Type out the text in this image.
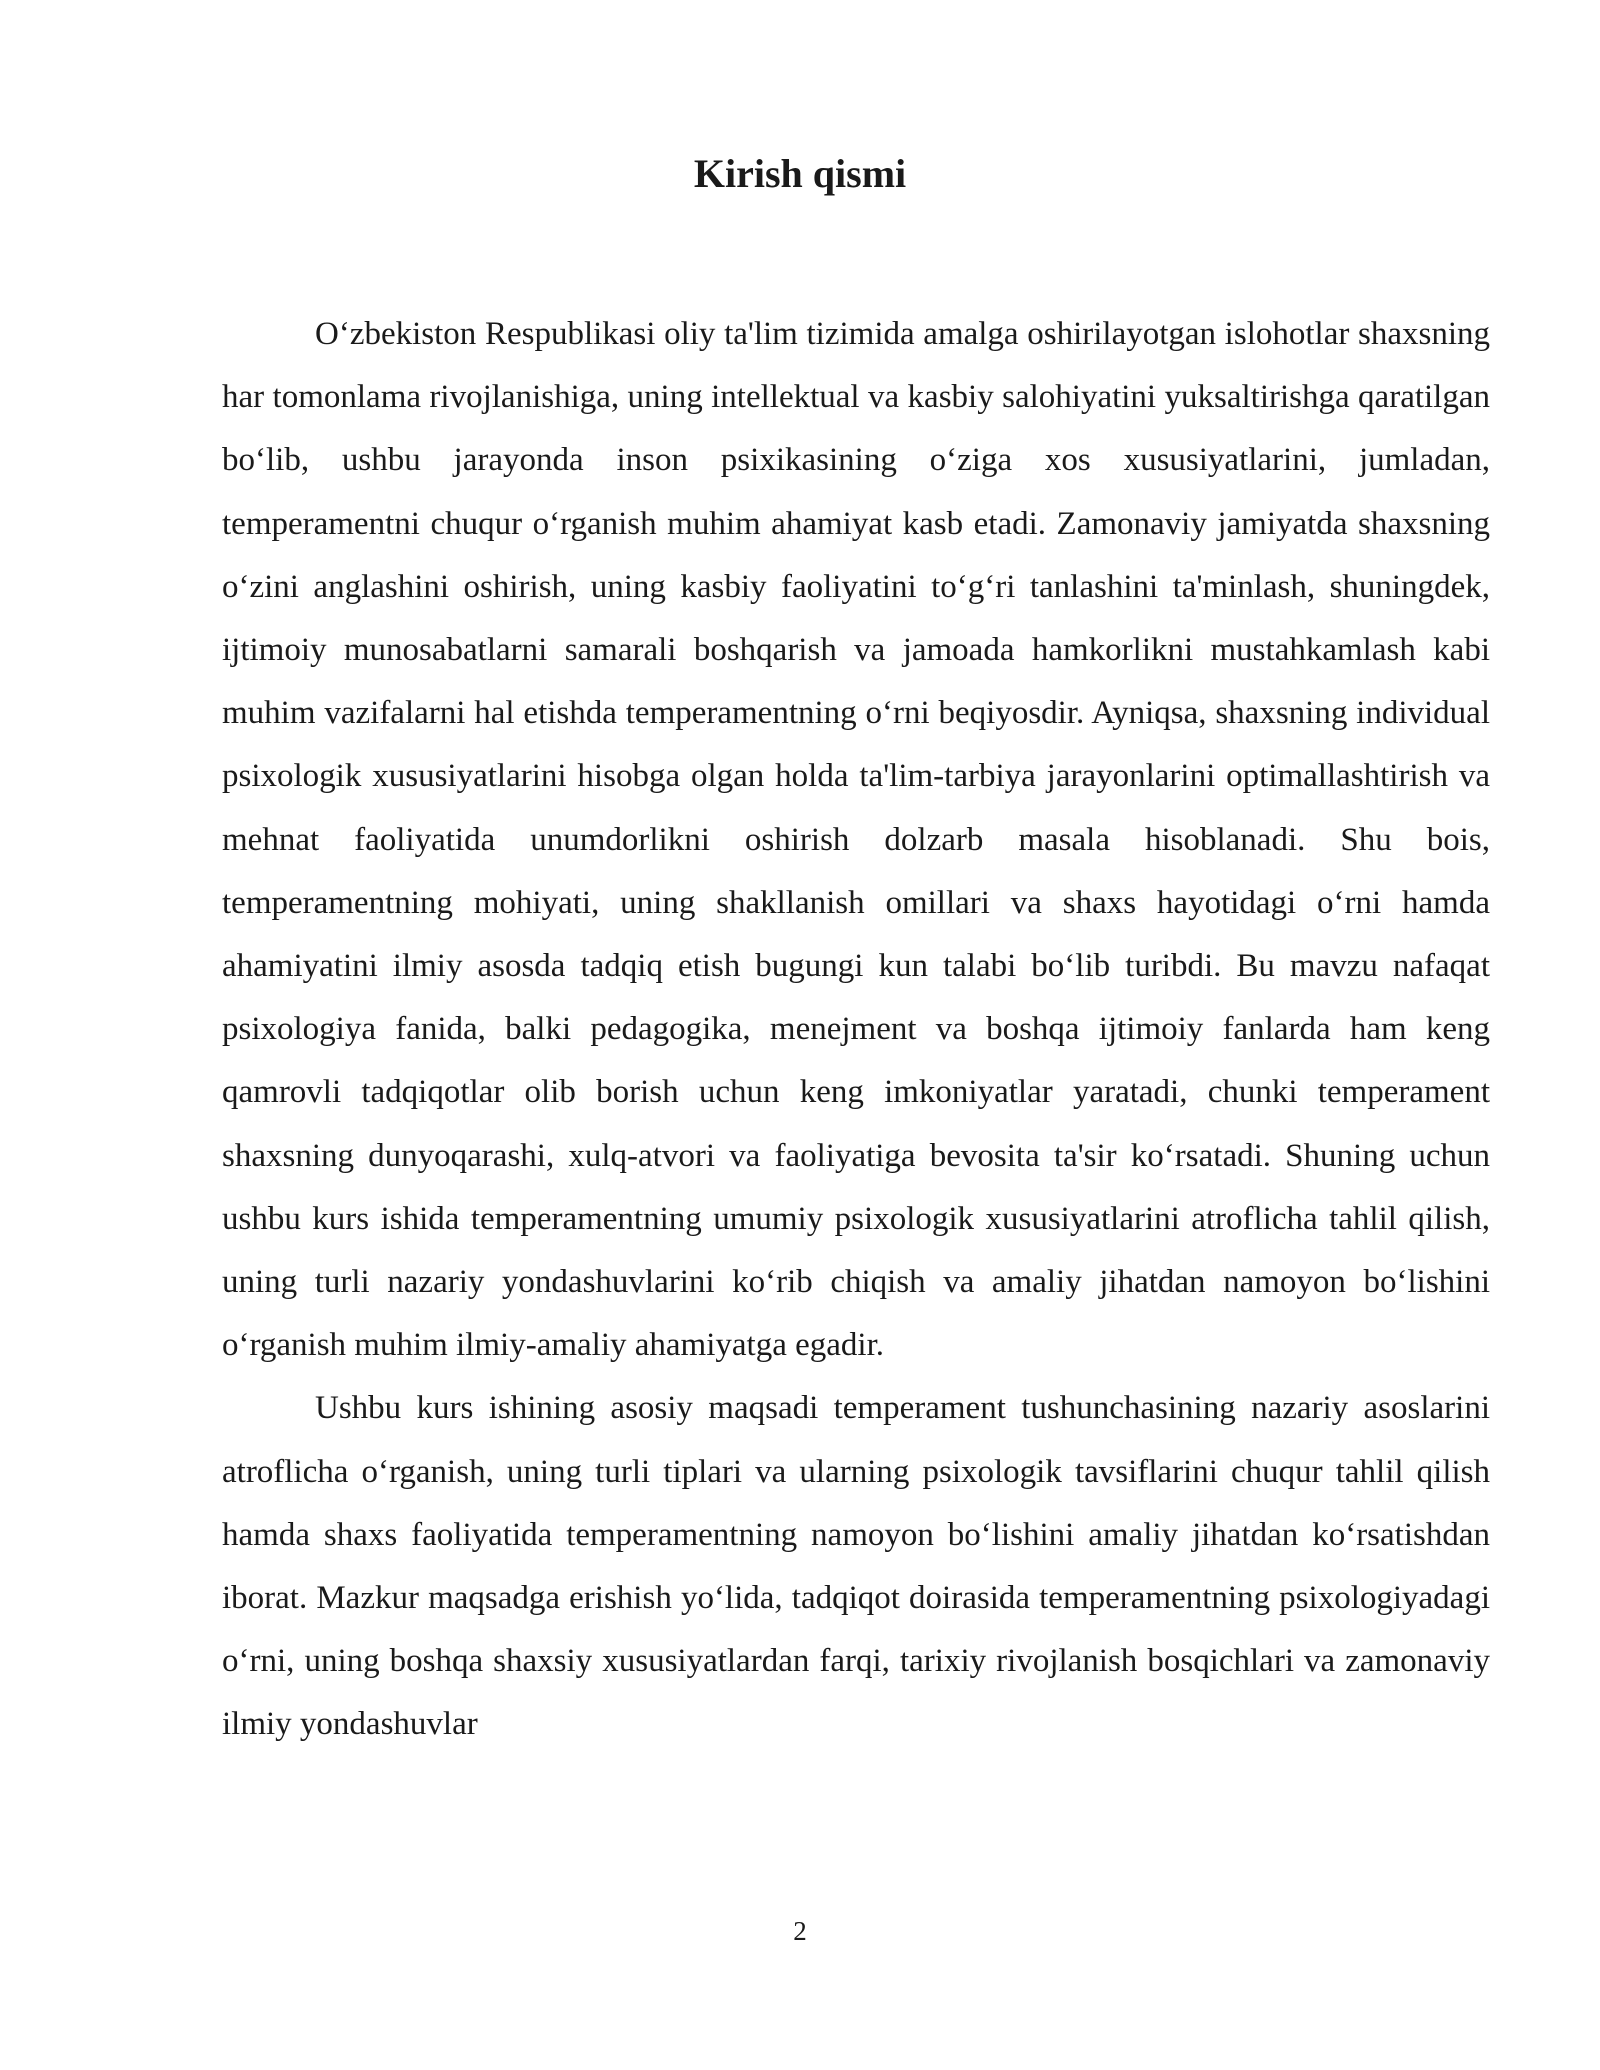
Kirish qismi

O‘zbekiston Respublikasi oliy ta'lim tizimida amalga oshirilayotgan islohotlar shaxsning har tomonlama rivojlanishiga, uning intellektual va kasbiy salohiyatini yuksaltirishga qaratilgan bo‘lib, ushbu jarayonda inson psixikasining o‘ziga xos xususiyatlarini, jumladan, temperamentni chuqur o‘rganish muhim ahamiyat kasb etadi. Zamonaviy jamiyatda shaxsning o‘zini anglashini oshirish, uning kasbiy faoliyatini to‘g‘ri tanlashini ta'minlash, shuningdek, ijtimoiy munosabatlarni samarali boshqarish va jamoada hamkorlikni mustahkamlash kabi muhim vazifalarni hal etishda temperamentning o‘rni beqiyosdir. Ayniqsa, shaxsning individual psixologik xususiyatlarini hisobga olgan holda ta'lim-tarbiya jarayonlarini optimallashtirish va mehnat faoliyatida unumdorlikni oshirish dolzarb masala hisoblanadi. Shu bois, temperamentning mohiyati, uning shakllanish omillari va shaxs hayotidagi o‘rni hamda ahamiyatini ilmiy asosda tadqiq etish bugungi kun talabi bo‘lib turibdi. Bu mavzu nafaqat psixologiya fanida, balki pedagogika, menejment va boshqa ijtimoiy fanlarda ham keng qamrovli tadqiqotlar olib borish uchun keng imkoniyatlar yaratadi, chunki temperament shaxsning dunyoqarashi, xulq-atvori va faoliyatiga bevosita ta'sir ko‘rsatadi. Shuning uchun ushbu kurs ishida temperamentning umumiy psixologik xususiyatlarini atroflicha tahlil qilish, uning turli nazariy yondashuvlarini ko‘rib chiqish va amaliy jihatdan namoyon bo‘lishini o‘rganish muhim ilmiy-amaliy ahamiyatga egadir.

Ushbu kurs ishining asosiy maqsadi temperament tushunchasining nazariy asoslarini atroflicha o‘rganish, uning turli tiplari va ularning psixologik tavsiflarini chuqur tahlil qilish hamda shaxs faoliyatida temperamentning namoyon bo‘lishini amaliy jihatdan ko‘rsatishdan iborat. Mazkur maqsadga erishish yo‘lida, tadqiqot doirasida temperamentning psixologiyadagi o‘rni, uning boshqa shaxsiy xususiyatlardan farqi, tarixiy rivojlanish bosqichlari va zamonaviy ilmiy yondashuvlar

2
